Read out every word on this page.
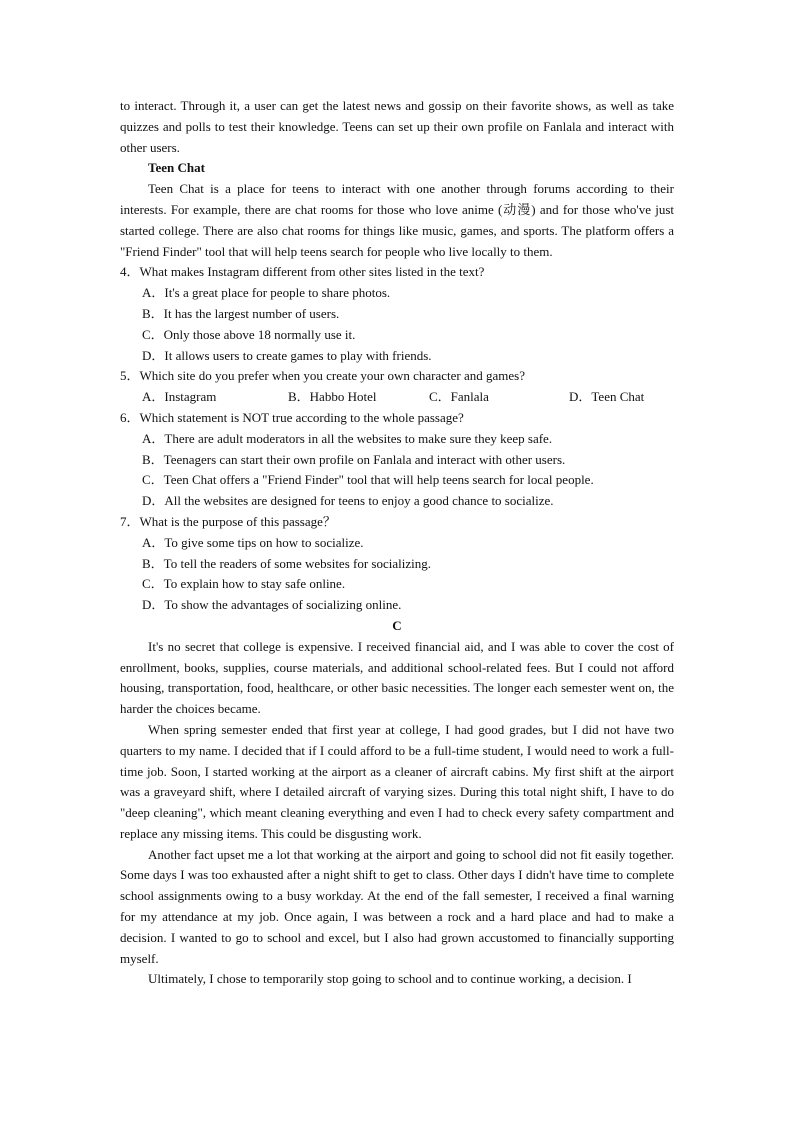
to interact. Through it, a user can get the latest news and gossip on their favorite shows, as well as take quizzes and polls to test their knowledge. Teens can set up their own profile on Fanlala and interact with other users.

Teen Chat

Teen Chat is a place for teens to interact with one another through forums according to their interests. For example, there are chat rooms for those who love anime (动漫) and for those who've just started college. There are also chat rooms for things like music, games, and sports. The platform offers a "Friend Finder" tool that will help teens search for people who live locally to them.

4．What makes Instagram different from other sites listed in the text?

A．It's a great place for people to share photos.

B．It has the largest number of users.

C．Only those above 18 normally use it.

D．It allows users to create games to play with friends.

5．Which site do you prefer when you create your own character and games?

A．Instagram	B．Habbo Hotel	C．Fanlala	D．Teen Chat

6．Which statement is NOT true according to the whole passage?

A．There are adult moderators in all the websites to make sure they keep safe.

B．Teenagers can start their own profile on Fanlala and interact with other users.

C．Teen Chat offers a "Friend Finder" tool that will help teens search for local people.

D．All the websites are designed for teens to enjoy a good chance to socialize.

7．What is the purpose of this passage？

A．To give some tips on how to socialize.

B．To tell the readers of some websites for socializing.

C．To explain how to stay safe online.

D．To show the advantages of socializing online.

C

It's no secret that college is expensive. I received financial aid, and I was able to cover the cost of enrollment, books, supplies, course materials, and additional school-related fees. But I could not afford housing, transportation, food, healthcare, or other basic necessities. The longer each semester went on, the harder the choices became.

When spring semester ended that first year at college, I had good grades, but I did not have two quarters to my name. I decided that if I could afford to be a full-time student, I would need to work a full-time job. Soon, I started working at the airport as a cleaner of aircraft cabins. My first shift at the airport was a graveyard shift, where I detailed aircraft of varying sizes. During this total night shift, I have to do "deep cleaning", which meant cleaning everything and even I had to check every safety compartment and replace any missing items. This could be disgusting work.

Another fact upset me a lot that working at the airport and going to school did not fit easily together. Some days I was too exhausted after a night shift to get to class. Other days I didn't have time to complete school assignments owing to a busy workday. At the end of the fall semester, I received a final warning for my attendance at my job. Once again, I was between a rock and a hard place and had to make a decision. I wanted to go to school and excel, but I also had grown accustomed to financially supporting myself.

Ultimately, I chose to temporarily stop going to school and to continue working, a decision. I
